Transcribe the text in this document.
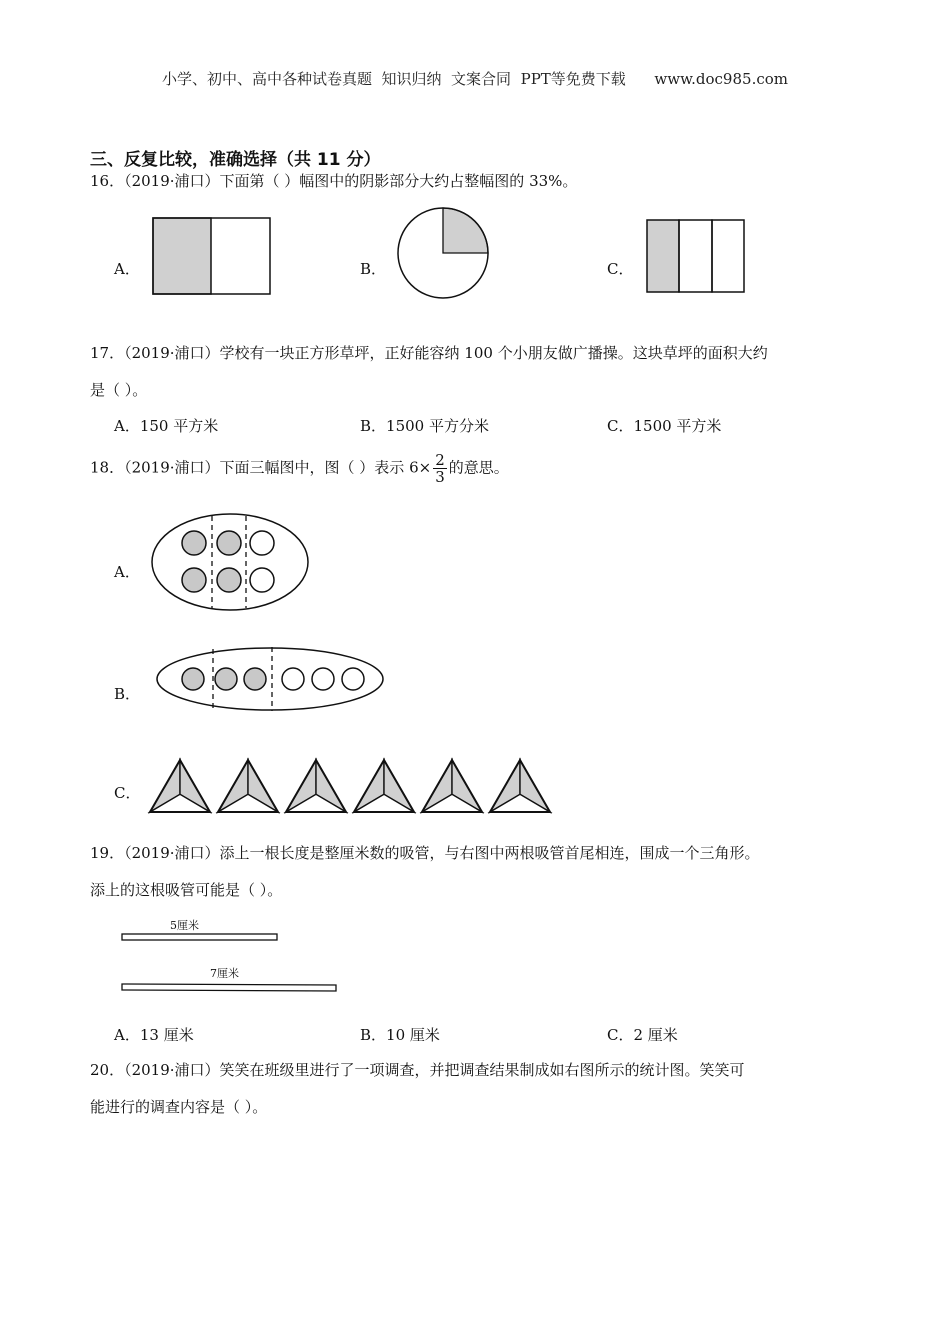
小学、初中、高中各种试卷真题  知识归纳  文案合同  PPT等免费下载      www.doc985.com
三、反复比较，准确选择（共 11 分）
16．（2019·浦口）下面第（ ）幅图中的阴影部分大约占整幅图的 33%。
A．	B．	C．
17．（2019·浦口）学校有一块正方形草坪，正好能容纳 100 个小朋友做广播操。这块草坪的面积大约
是（ ）。
A．150 平方米	B．1500 平方分米	C．1500 平方米
18．（2019·浦口）下面三幅图中，图（ ）表示 $6\times \frac{2}{3}$ 的意思。
A．
B．
C．
19．（2019·浦口）添上一根长度是整厘米数的吸管，与右图中两根吸管首尾相连，围成一个三角形。
添上的这根吸管可能是（ ）。
5厘米
7厘米
A．13 厘米	B．10 厘米	C．2 厘米
20．（2019·浦口）笑笑在班级里进行了一项调查，并把调查结果制成如右图所示的统计图。笑笑可
能进行的调查内容是（ ）。
